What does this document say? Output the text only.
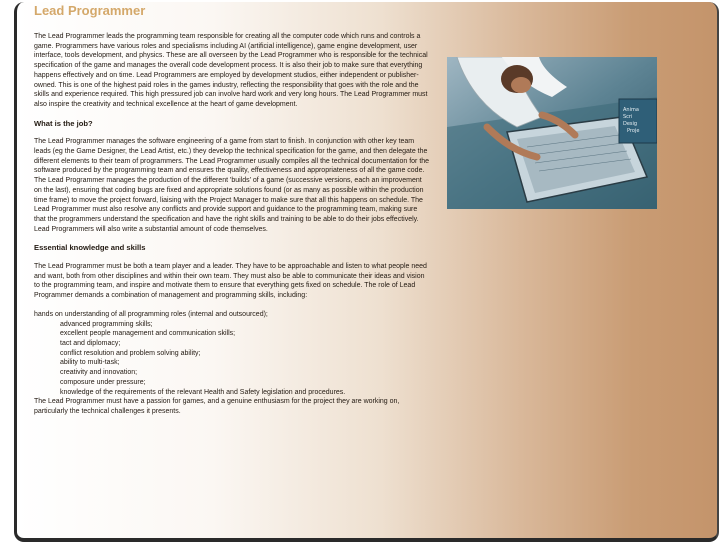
Lead Programmer

The Lead Programmer leads the programming team responsible for creating all the computer code which runs and controls a game. Programmers have various roles and specialisms including AI (artificial intelligence), game engine development, user interface, tools development, and physics. These are all overseen by the Lead Programmer who is responsible for the technical specification of the game and manages the overall code development process. It is also their job to make sure that everything happens effectively and on time. Lead Programmers are employed by development studios, either independent or publisher-owned. This is one of the highest paid roles in the games industry, reflecting the responsibility that goes with the role and the skills and experience required. This high pressured job can involve hard work and very long hours. The Lead Programmer must also inspire the creativity and technical excellence at the heart of game development.

What is the job?

The Lead Programmer manages the software engineering of a game from start to finish. In conjunction with other key team leads (eg the Game Designer, the Lead Artist, etc.) they develop the technical specification for the game, and then delegate the different elements to their team of programmers. The Lead Programmer usually compiles all the technical documentation for the software produced by the programming team and ensures the quality, effectiveness and appropriateness of all the game code. The Lead Programmer manages the production of the different 'builds' of a game (successive versions, each an improvement on the last), ensuring that coding bugs are fixed and appropriate solutions found (or as many as possible within the production time frame) to move the project forward, liaising with the Project Manager to make sure that all this happens on schedule. The Lead Programmer must also resolve any conflicts and provide support and guidance to the programming team, making sure that the programmers understand the specification and have the right skills and training to be able to do their jobs effectively. Lead Programmers will also write a substantial amount of code themselves.

Essential knowledge and skills

The Lead Programmer must be both a team player and a leader. They have to be approachable and listen to what people need and want, both from other disciplines and within their own team. They must also be able to communicate their ideas and vision to the programming team, and inspire and motivate them to ensure that everything gets fixed on schedule. The role of Lead Programmer demands a combination of management and programming skills, including:

hands on understanding of all programming roles (internal and outsourced);
advanced programming skills;
excellent people management and communication skills;
tact and diplomacy;
conflict resolution and problem solving ability;
ability to multi-task;
creativity and innovation;
composure under pressure;
knowledge of the requirements of the relevant Health and Safety legislation and procedures.

The Lead Programmer must have a passion for games, and a genuine enthusiasm for the project they are working on, particularly the technical challenges it presents.

Anima
Scri
Desig
Proje
